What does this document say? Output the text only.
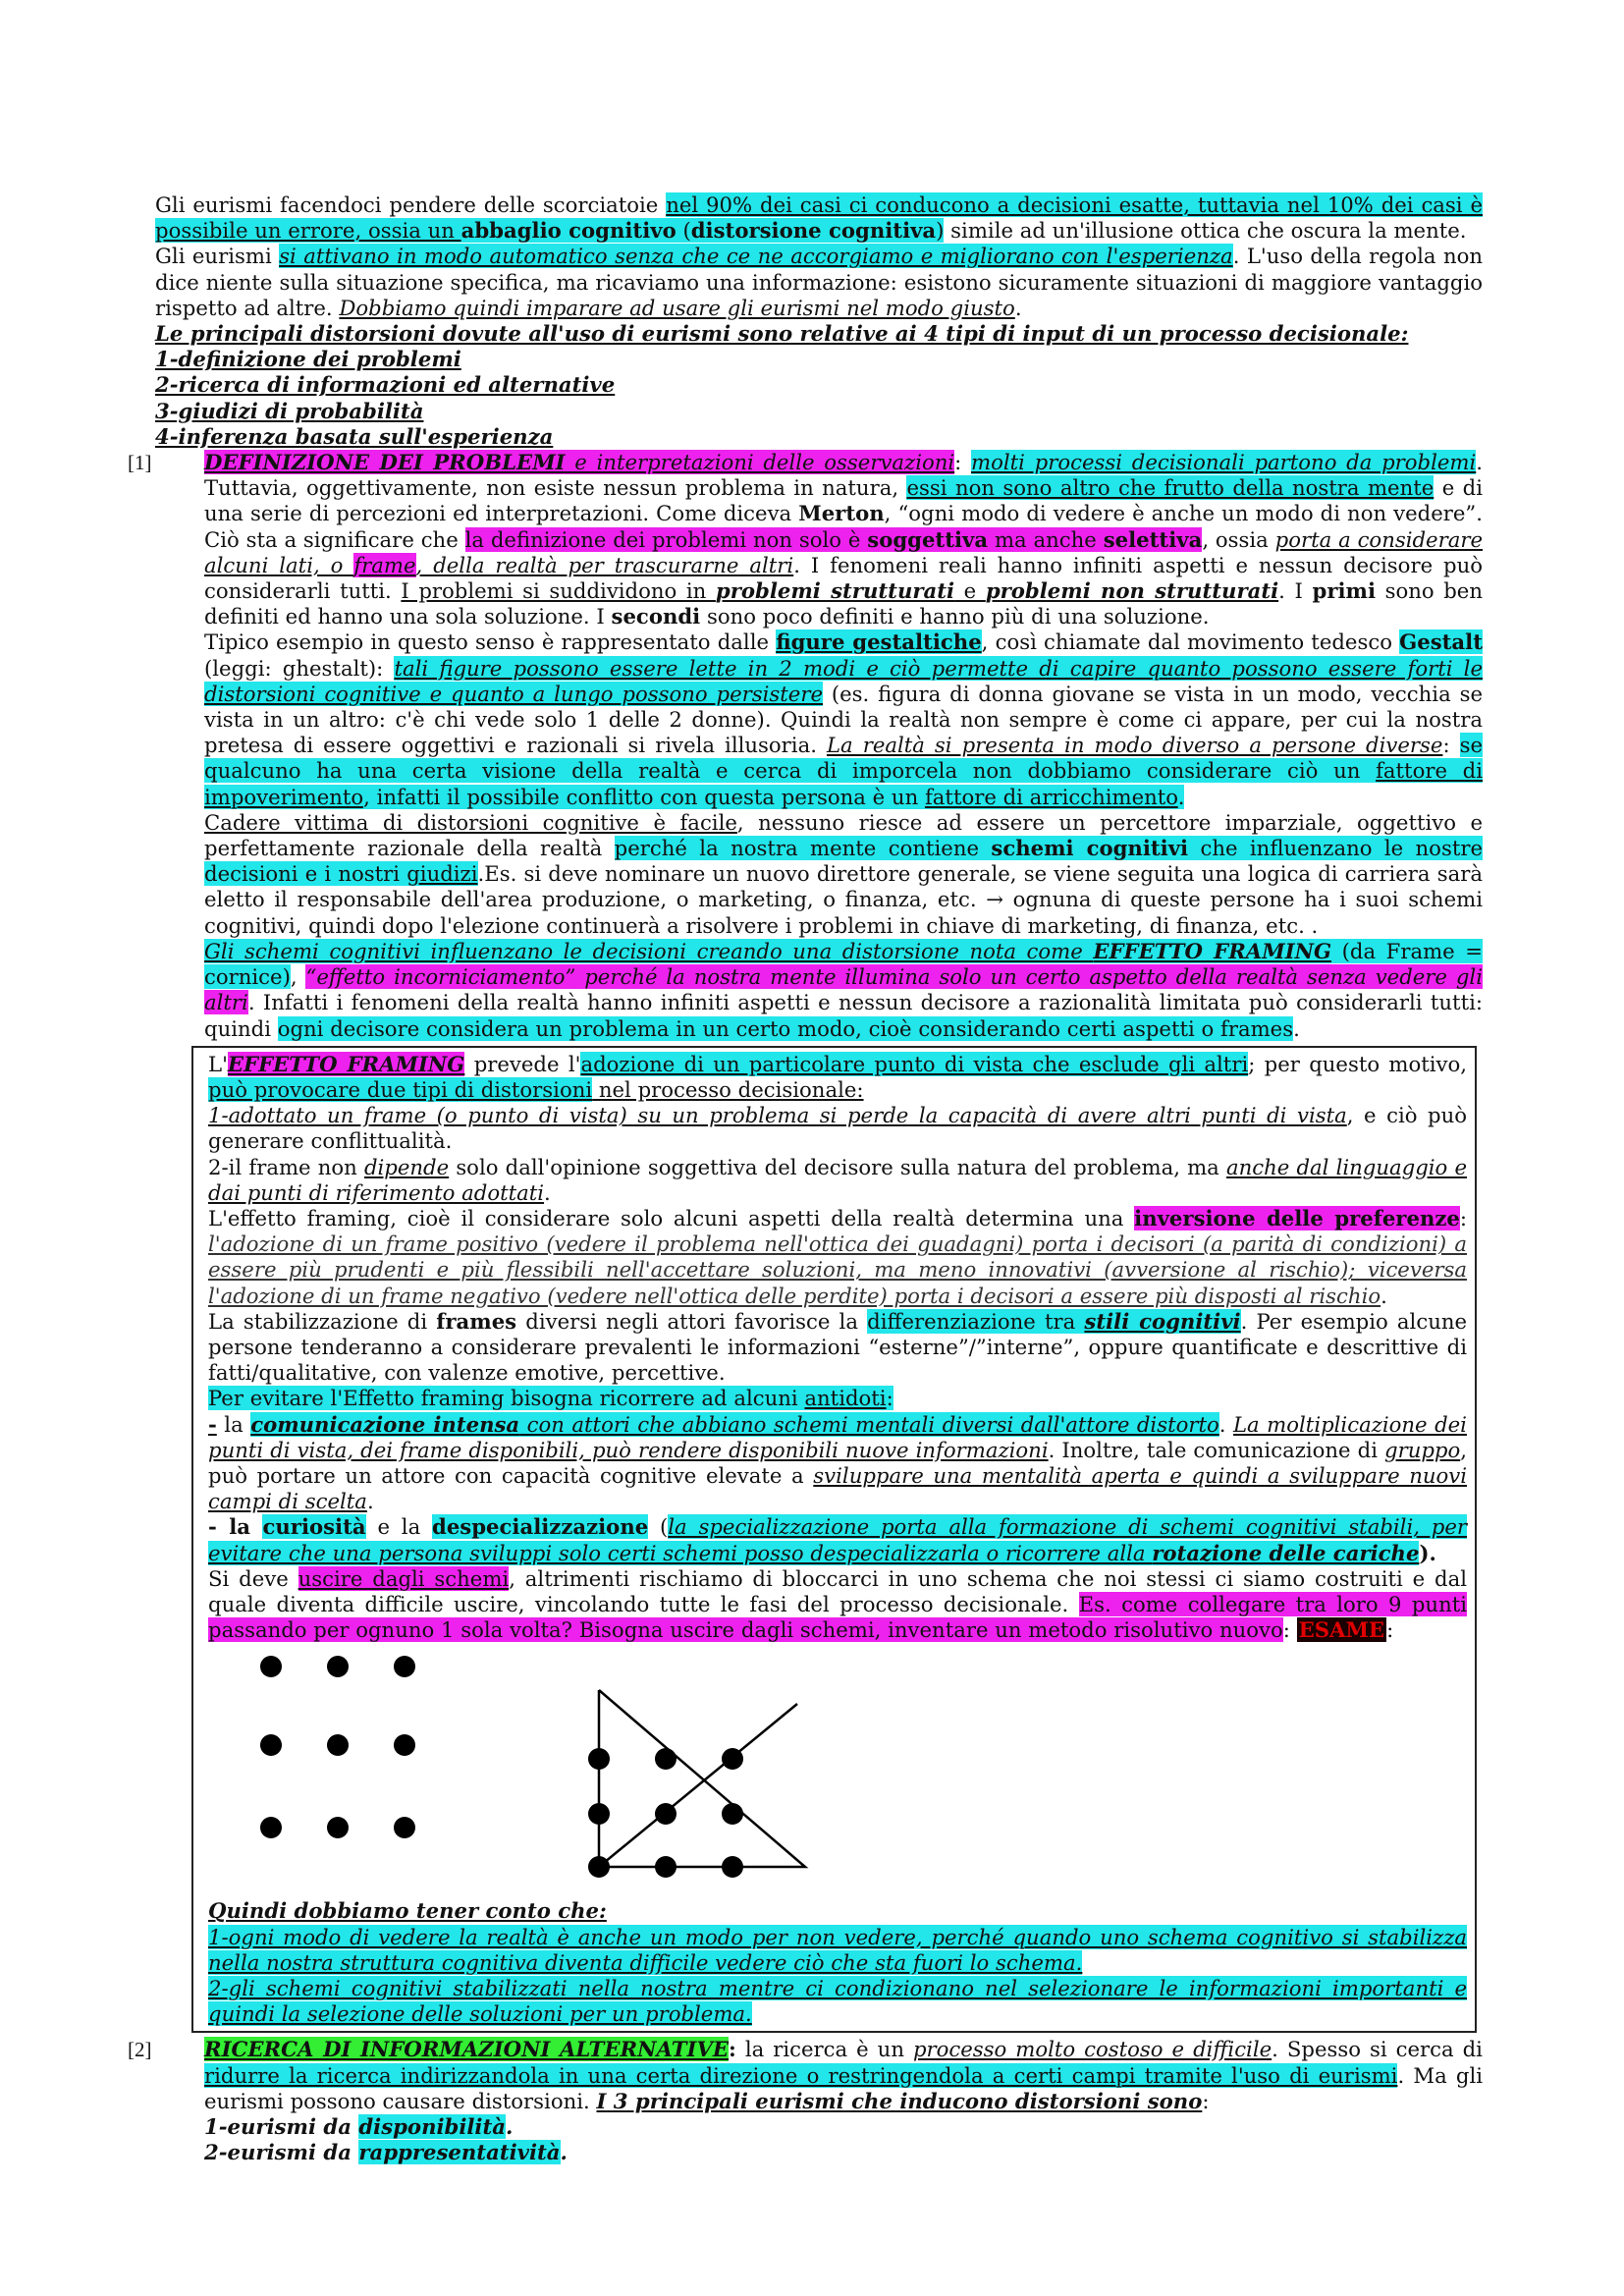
Gli eurismi facendoci pendere delle scorciatoie nel 90% dei casi ci conducono a decisioni esatte, tuttavia nel 10% dei casi è possibile un errore, ossia un abbaglio cognitivo (distorsione cognitiva) simile ad un'illusione ottica che oscura la mente.

Gli eurismi si attivano in modo automatico senza che ce ne accorgiamo e migliorano con l'esperienza. L'uso della regola non dice niente sulla situazione specifica, ma ricaviamo una informazione: esistono sicuramente situazioni di maggiore vantaggio rispetto ad altre. Dobbiamo quindi imparare ad usare gli eurismi nel modo giusto.

Le principali distorsioni dovute all'uso di eurismi sono relative ai 4 tipi di input di un processo decisionale:

1-definizione dei problemi

2-ricerca di informazioni ed alternative

3-giudizi di probabilità

4-inferenza basata sull'esperienza

[1]	DEFINIZIONE DEI PROBLEMI e interpretazioni delle osservazioni: molti processi decisionali partono da problemi. Tuttavia, oggettivamente, non esiste nessun problema in natura, essi non sono altro che frutto della nostra mente e di una serie di percezioni ed interpretazioni. Come diceva Merton, “ogni modo di vedere è anche un modo di non vedere”. Ciò sta a significare che la definizione dei problemi non solo è soggettiva ma anche selettiva, ossia porta a considerare alcuni lati, o frame, della realtà per trascurarne altri. I fenomeni reali hanno infiniti aspetti e nessun decisore può considerarli tutti. I problemi si suddividono in problemi strutturati e problemi non strutturati. I primi sono ben definiti ed hanno una sola soluzione. I secondi sono poco definiti e hanno più di una soluzione.

Tipico esempio in questo senso è rappresentato dalle figure gestaltiche, così chiamate dal movimento tedesco Gestalt (leggi: ghestalt): tali figure possono essere lette in 2 modi e ciò permette di capire quanto possono essere forti le distorsioni cognitive e quanto a lungo possono persistere (es. figura di donna giovane se vista in un modo, vecchia se vista in un altro: c'è chi vede solo 1 delle 2 donne). Quindi la realtà non sempre è come ci appare, per cui la nostra pretesa di essere oggettivi e razionali si rivela illusoria. La realtà si presenta in modo diverso a persone diverse: se qualcuno ha una certa visione della realtà e cerca di imporcela non dobbiamo considerare ciò un fattore di impoverimento, infatti il possibile conflitto con questa persona è un fattore di arricchimento.

Cadere vittima di distorsioni cognitive è facile, nessuno riesce ad essere un percettore imparziale, oggettivo e perfettamente razionale della realtà perché la nostra mente contiene schemi cognitivi che influenzano le nostre decisioni e i nostri giudizi.Es. si deve nominare un nuovo direttore generale, se viene seguita una logica di carriera sarà eletto il responsabile dell'area produzione, o marketing, o finanza, etc. → ognuna di queste persone ha i suoi schemi cognitivi, quindi dopo l'elezione continuerà a risolvere i problemi in chiave di marketing, di finanza, etc. .

Gli schemi cognitivi influenzano le decisioni creando una distorsione nota come EFFETTO FRAMING (da Frame = cornice), “effetto incorniciamento” perché la nostra mente illumina solo un certo aspetto della realtà senza vedere gli altri. Infatti i fenomeni della realtà hanno infiniti aspetti e nessun decisore a razionalità limitata può considerarli tutti: quindi ogni decisore considera un problema in un certo modo, cioè considerando certi aspetti o frames.

L'EFFETTO FRAMING prevede l'adozione di un particolare punto di vista che esclude gli altri; per questo motivo, può provocare due tipi di distorsioni nel processo decisionale:

1-adottato un frame (o punto di vista) su un problema si perde la capacità di avere altri punti di vista, e ciò può generare conflittualità.

2-il frame non dipende solo dall'opinione soggettiva del decisore sulla natura del problema, ma anche dal linguaggio e dai punti di riferimento adottati.

L'effetto framing, cioè il considerare solo alcuni aspetti della realtà determina una inversione delle preferenze: l'adozione di un frame positivo (vedere il problema nell'ottica dei guadagni) porta i decisori (a parità di condizioni) a essere più prudenti e più flessibili nell'accettare soluzioni, ma meno innovativi (avversione al rischio); viceversa l'adozione di un frame negativo (vedere nell'ottica delle perdite) porta i decisori a essere più disposti al rischio.

La stabilizzazione di frames diversi negli attori favorisce la differenziazione tra stili cognitivi. Per esempio alcune persone tenderanno a considerare prevalenti le informazioni “esterne”/”interne”, oppure quantificate e descrittive di fatti/qualitative, con valenze emotive, percettive.

Per evitare l'Effetto framing bisogna ricorrere ad alcuni antidoti:

- la comunicazione intensa con attori che abbiano schemi mentali diversi dall'attore distorto. La moltiplicazione dei punti di vista, dei frame disponibili, può rendere disponibili nuove informazioni. Inoltre, tale comunicazione di gruppo, può portare un attore con capacità cognitive elevate a sviluppare una mentalità aperta e quindi a sviluppare nuovi campi di scelta.

- la curiosità e la despecializzazione (la specializzazione porta alla formazione di schemi cognitivi stabili, per evitare che una persona sviluppi solo certi schemi posso despecializzarla o ricorrere alla rotazione delle cariche).

Si deve uscire dagli schemi, altrimenti rischiamo di bloccarci in uno schema che noi stessi ci siamo costruiti e dal quale diventa difficile uscire, vincolando tutte le fasi del processo decisionale. Es. come collegare tra loro 9 punti passando per ognuno 1 sola volta? Bisogna uscire dagli schemi, inventare un metodo risolutivo nuovo: ESAME:

Quindi dobbiamo tener conto che:

1-ogni modo di vedere la realtà è anche un modo per non vedere, perché quando uno schema cognitivo si stabilizza nella nostra struttura cognitiva diventa difficile vedere ciò che sta fuori lo schema.

2-gli schemi cognitivi stabilizzati nella nostra mentre ci condizionano nel selezionare le informazioni importanti e quindi la selezione delle soluzioni per un problema.

[2]	RICERCA DI INFORMAZIONI ALTERNATIVE: la ricerca è un processo molto costoso e difficile. Spesso si cerca di ridurre la ricerca indirizzandola in una certa direzione o restringendola a certi campi tramite l'uso di eurismi. Ma gli eurismi possono causare distorsioni. I 3 principali eurismi che inducono distorsioni sono:

1-eurismi da disponibilità.

2-eurismi da rappresentatività.
